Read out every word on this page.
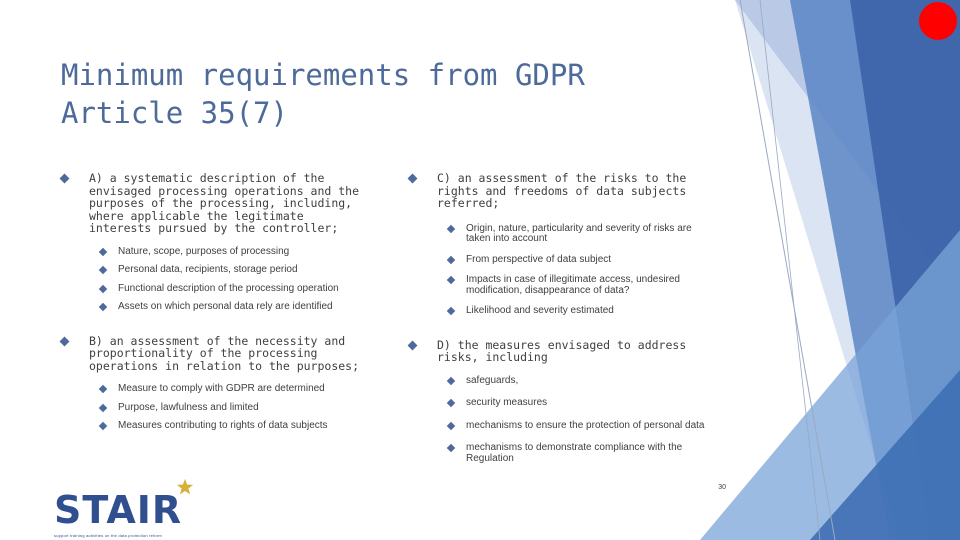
Minimum requirements from GDPR
Article 35(7)
A) a systematic description of the envisaged processing operations and the purposes of the processing, including, where applicable the legitimate interests pursued by the controller;
Nature, scope, purposes of processing
Personal data, recipients, storage period
Functional description of the processing operation
Assets on which personal data rely are identified
B) an assessment of the necessity and proportionality of the processing operations in relation to the purposes;
Measure to comply with GDPR are determined
Purpose, lawfulness and limited
Measures contributing to rights of data subjects
C) an assessment of the risks to the rights and freedoms of data subjects referred;
Origin, nature, particularity and severity of risks are taken into account
From perspective of data subject
Impacts in case of illegitimate access, undesired modification, disappearance of data?
Likelihood and severity estimated
D) the measures envisaged to address risks, including
safeguards,
security measures
mechanisms to ensure the protection of personal data
mechanisms to demonstrate compliance with the Regulation
30
STAIR
support training activities on the data protection reform
